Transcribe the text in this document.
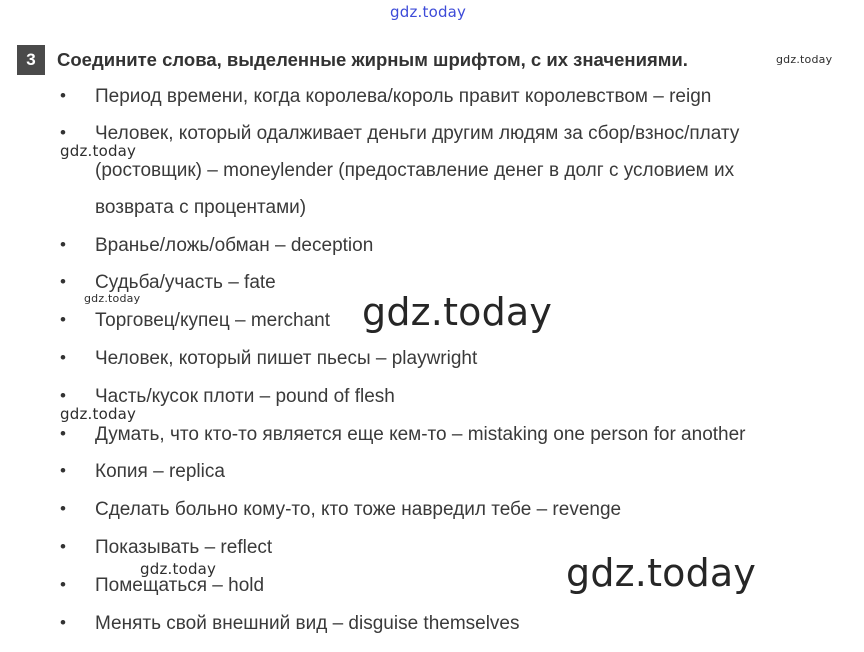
gdz.today
3	Соедините слова, выделенные жирным шрифтом, с их значениями.	gdz.today
• Период времени, когда королева/король правит королевством – reign
• Человек, который одалживает деньги другим людям за сбор/взнос/плату
(ростовщик) – moneylender (предоставление денег в долг с условием их
возврата с процентами)
• Вранье/ложь/обман – deception
• Судьба/участь – fate
• Торговец/купец – merchant
• Человек, который пишет пьесы – playwright
• Часть/кусок плоти – pound of flesh
• Думать, что кто-то является еще кем-то – mistaking one person for another
• Копия – replica
• Сделать больно кому-то, кто тоже навредил тебе – revenge
• Показывать – reflect
• Помещаться – hold
• Менять свой внешний вид – disguise themselves
gdz.today
gdz.today	gdz.today
gdz.today
gdz.today	gdz.today
